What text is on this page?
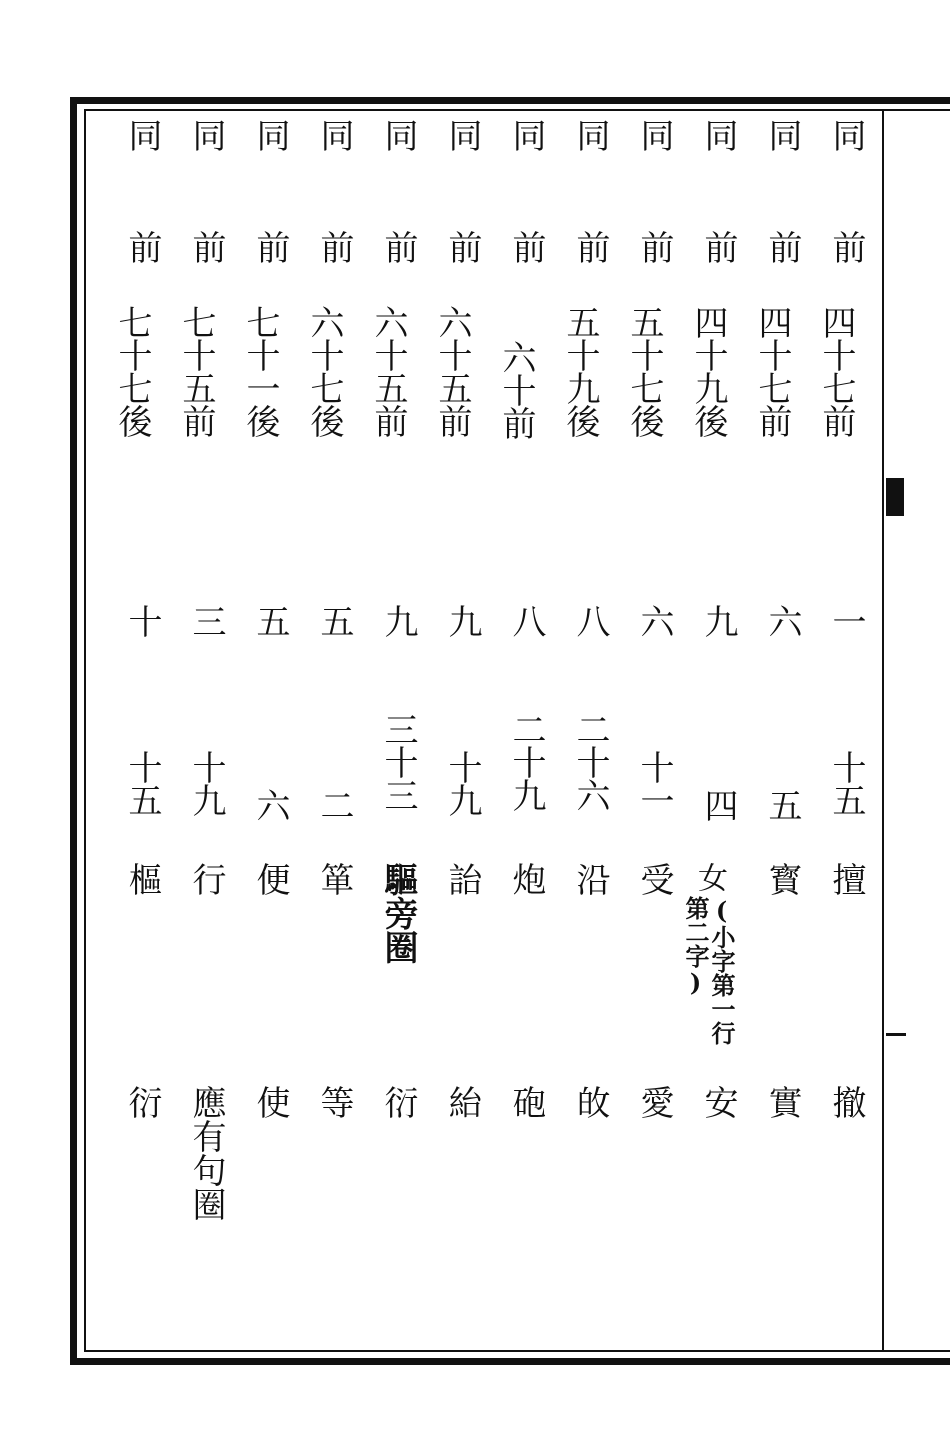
同
前
四十七前
一
十五
擅
撤
同
前
四十七前
六
五
寳
實
同
前
四十九後
九
四
女
(小字第一行第二字)
安
同
前
五十七後
六
十一
受
愛
同
前
五十九後
八
二十六
沿
敀
同
前
六十前
八
二十九
炮
砲
同
前
六十五前
九
十九
詒
紿
同
前
六十五前
九
三十三
驅旁圈
衍
同
前
六十七後
五
二
箪
等
同
前
七十一後
五
六
便
使
同
前
七十五前
三
十九
行
應有句圈
同
前
七十七後
十
十五
樞
衍
